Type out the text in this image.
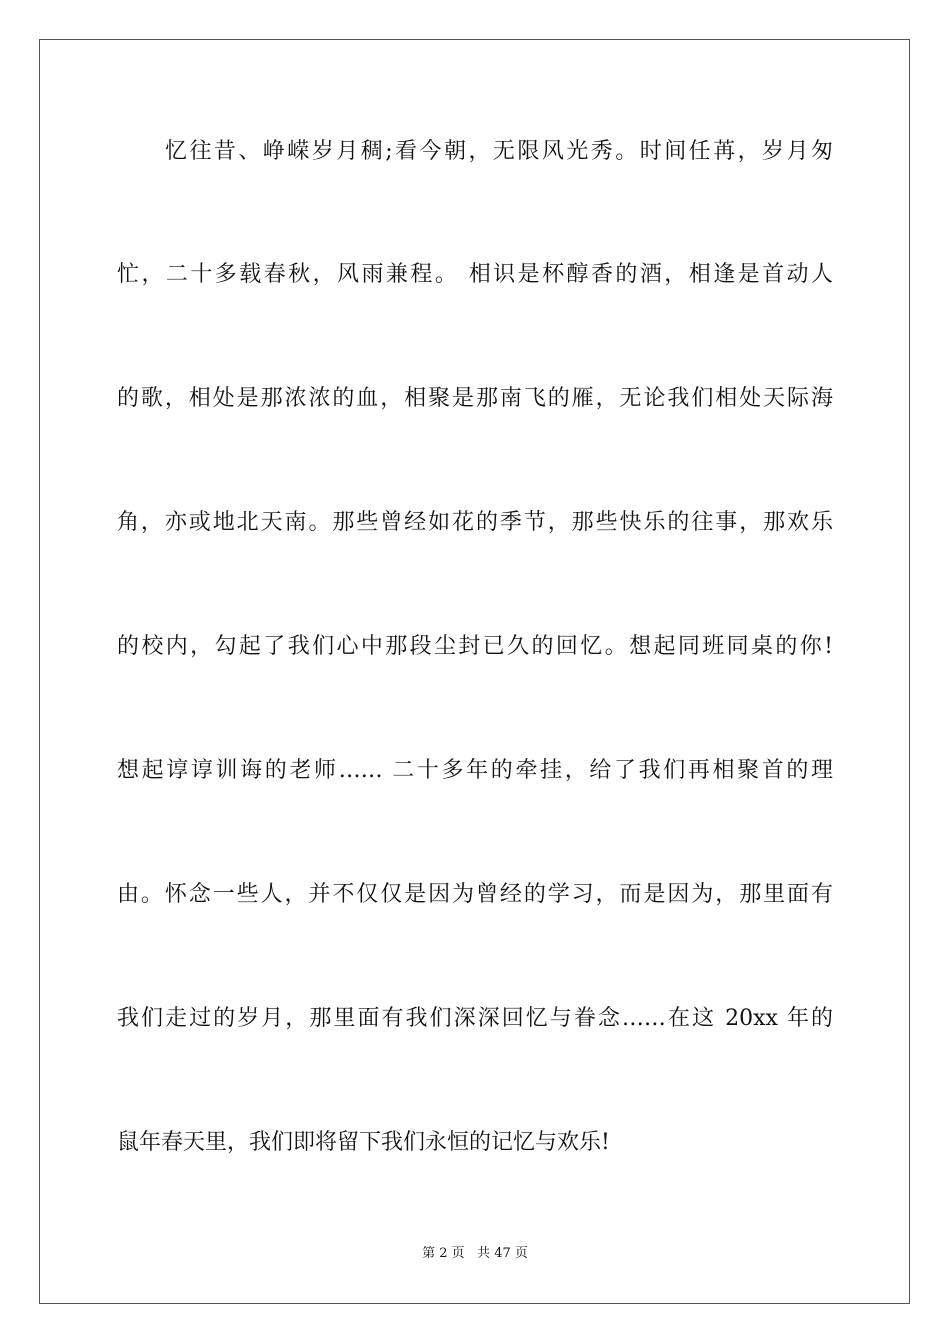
忆往昔、峥嵘岁月稠;看今朝，无限风光秀。时间任苒，岁月匆
忙，二十多载春秋，风雨兼程。 相识是杯醇香的酒，相逢是首动人
的歌，相处是那浓浓的血，相聚是那南飞的雁，无论我们相处天际海
角，亦或地北天南。那些曾经如花的季节，那些快乐的往事，那欢乐
的校内，勾起了我们心中那段尘封已久的回忆。想起同班同桌的你!
想起谆谆训诲的老师…… 二十多年的牵挂，给了我们再相聚首的理
由。怀念一些人，并不仅仅是因为曾经的学习，而是因为，那里面有
我们走过的岁月，那里面有我们深深回忆与眷念……在这 20xx 年的
鼠年春天里，我们即将留下我们永恒的记忆与欢乐!
第 2 页   共 47 页
